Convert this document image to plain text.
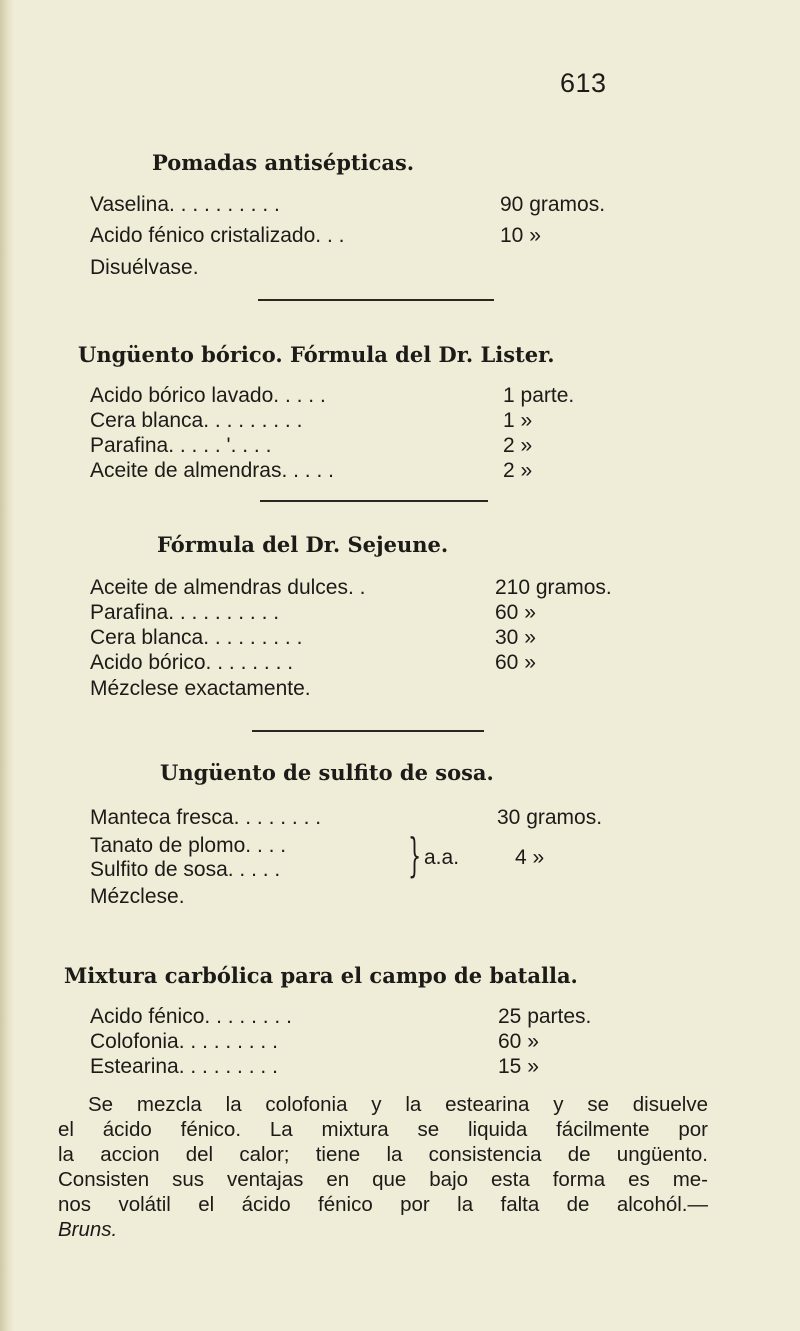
613
Pomadas antisépticas.
Vaselina. . . . . . . . . .	90 gramos.
Acido fénico cristalizado. . .	10 »
Disuélvase.
Ungüento bórico. Fórmula del Dr. Lister.
Acido bórico lavado. . . . .	1 parte.
Cera blanca. . . . . . . . .	1 »
Parafina. . . . . '. . . .	2 »
Aceite de almendras. . . . .	2 »
Fórmula del Dr. Sejeune.
Aceite de almendras dulces. .	210 gramos.
Parafina. . . . . . . . . .	60 »
Cera blanca. . . . . . . . .	30 »
Acido bórico. . . . . . . .	60 »
Mézclese exactamente.
Ungüento de sulfito de sosa.
Manteca fresca. . . . . . . .	30 gramos.
Tanato de plomo. . . .
Sulfito de sosa. . . . .	} a.a.	4 »
Mézclese.
Mixtura carbólica para el campo de batalla.
Acido fénico. . . . . . . .	25 partes.
Colofonia. . . . . . . . .	60 »
Estearina. . . . . . . . .	15 »
Se mezcla la colofonia y la estearina y se disuelve
el ácido fénico. La mixtura se liquida fácilmente por
la accion del calor; tiene la consistencia de ungüento.
Consisten sus ventajas en que bajo esta forma es me-
nos volátil el ácido fénico por la falta de alcohól.—
Bruns.
